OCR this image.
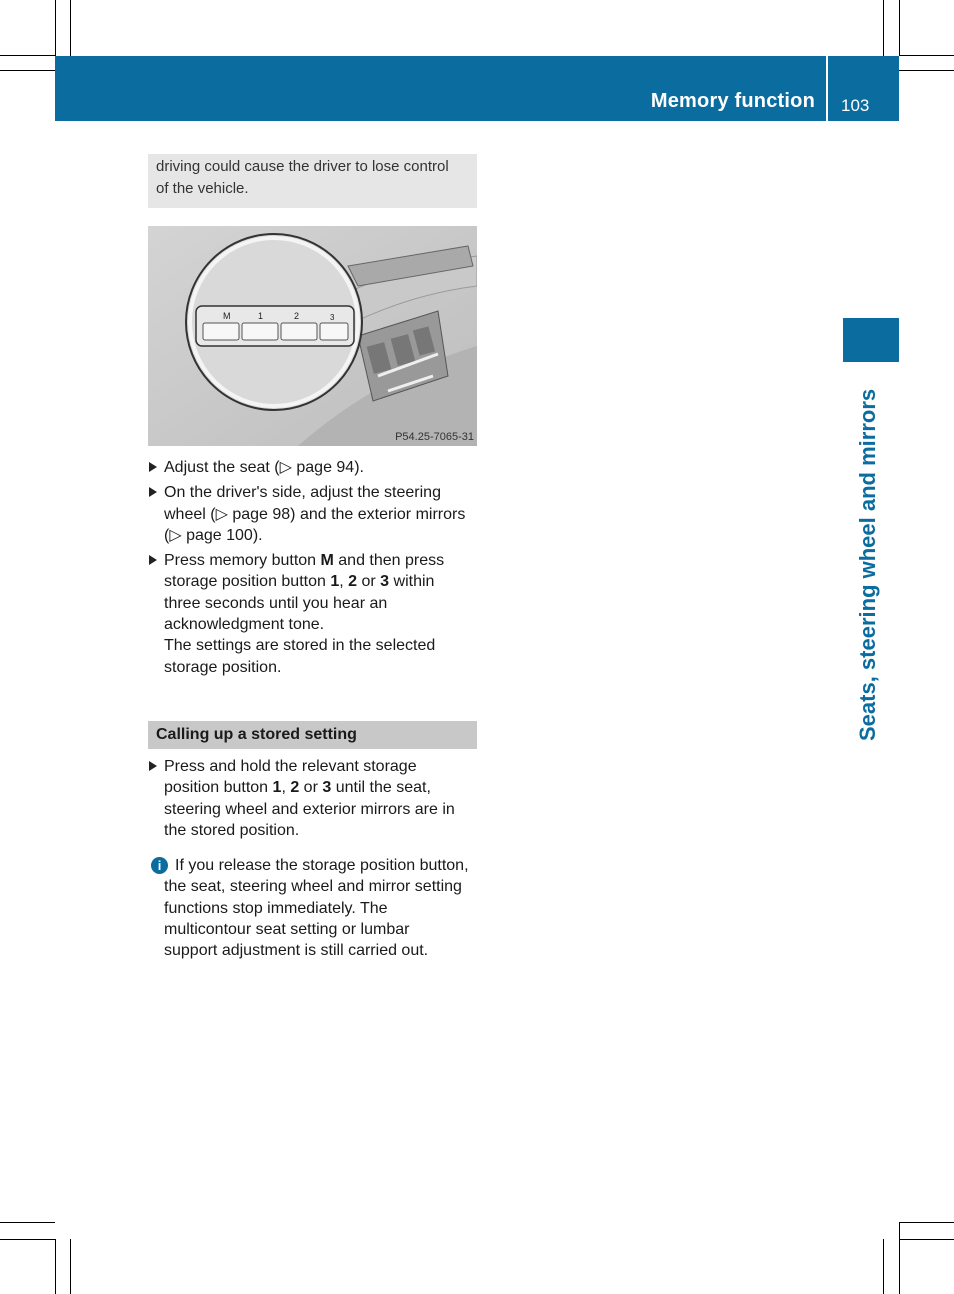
Memory function 103
Seats, steering wheel and mirrors
driving could cause the driver to lose control
of the vehicle.
M	1	2	3
P54.25-7065-31

Adjust the seat (▷ page 94).

On the driver's side, adjust the steering

wheel (▷ page 98) and the exterior mirrors

(▷ page 100).

Press memory button M and then press

storage position button 1, 2 or 3 within

three seconds until you hear an

acknowledgment tone.

The settings are stored in the selected

storage position.

Calling up a stored setting

Press and hold the relevant storage

position button 1, 2 or 3 until the seat,

steering wheel and exterior mirrors are in

the stored position.

i If you release the storage position button,

the seat, steering wheel and mirror setting

functions stop immediately. The

multicontour seat setting or lumbar

support adjustment is still carried out.
